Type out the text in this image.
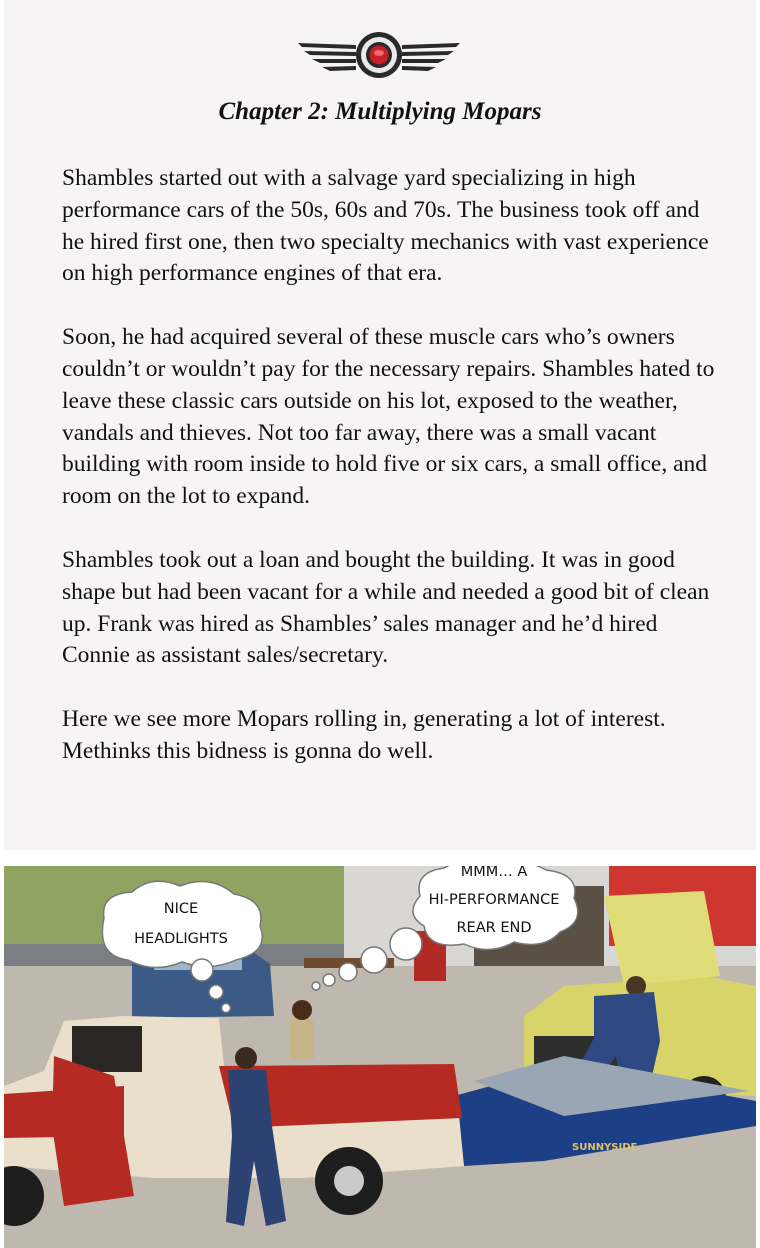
Chapter 2: Multiplying Mopars

Shambles started out with a salvage yard specializing in high performance cars of the 50s, 60s and 70s. The business took off and he hired first one, then two specialty mechanics with vast experience on high performance engines of that era.

Soon, he had acquired several of these muscle cars who’s owners couldn’t or wouldn’t pay for the necessary repairs. Shambles hated to leave these classic cars outside on his lot, exposed to the weather, vandals and thieves. Not too far away, there was a small vacant building with room inside to hold five or six cars, a small office, and room on the lot to expand.

Shambles took out a loan and bought the building. It was in good shape but had been vacant for a while and needed a good bit of clean up. Frank was hired as Shambles’ sales manager and he’d hired Connie as assistant sales/secretary.

Here we see more Mopars rolling in, generating a lot of interest. Methinks this bidness is gonna do well.

SUNNYSIDE
NICE
HEADLIGHTS
MMM… A
HI-PERFORMANCE
REAR END
